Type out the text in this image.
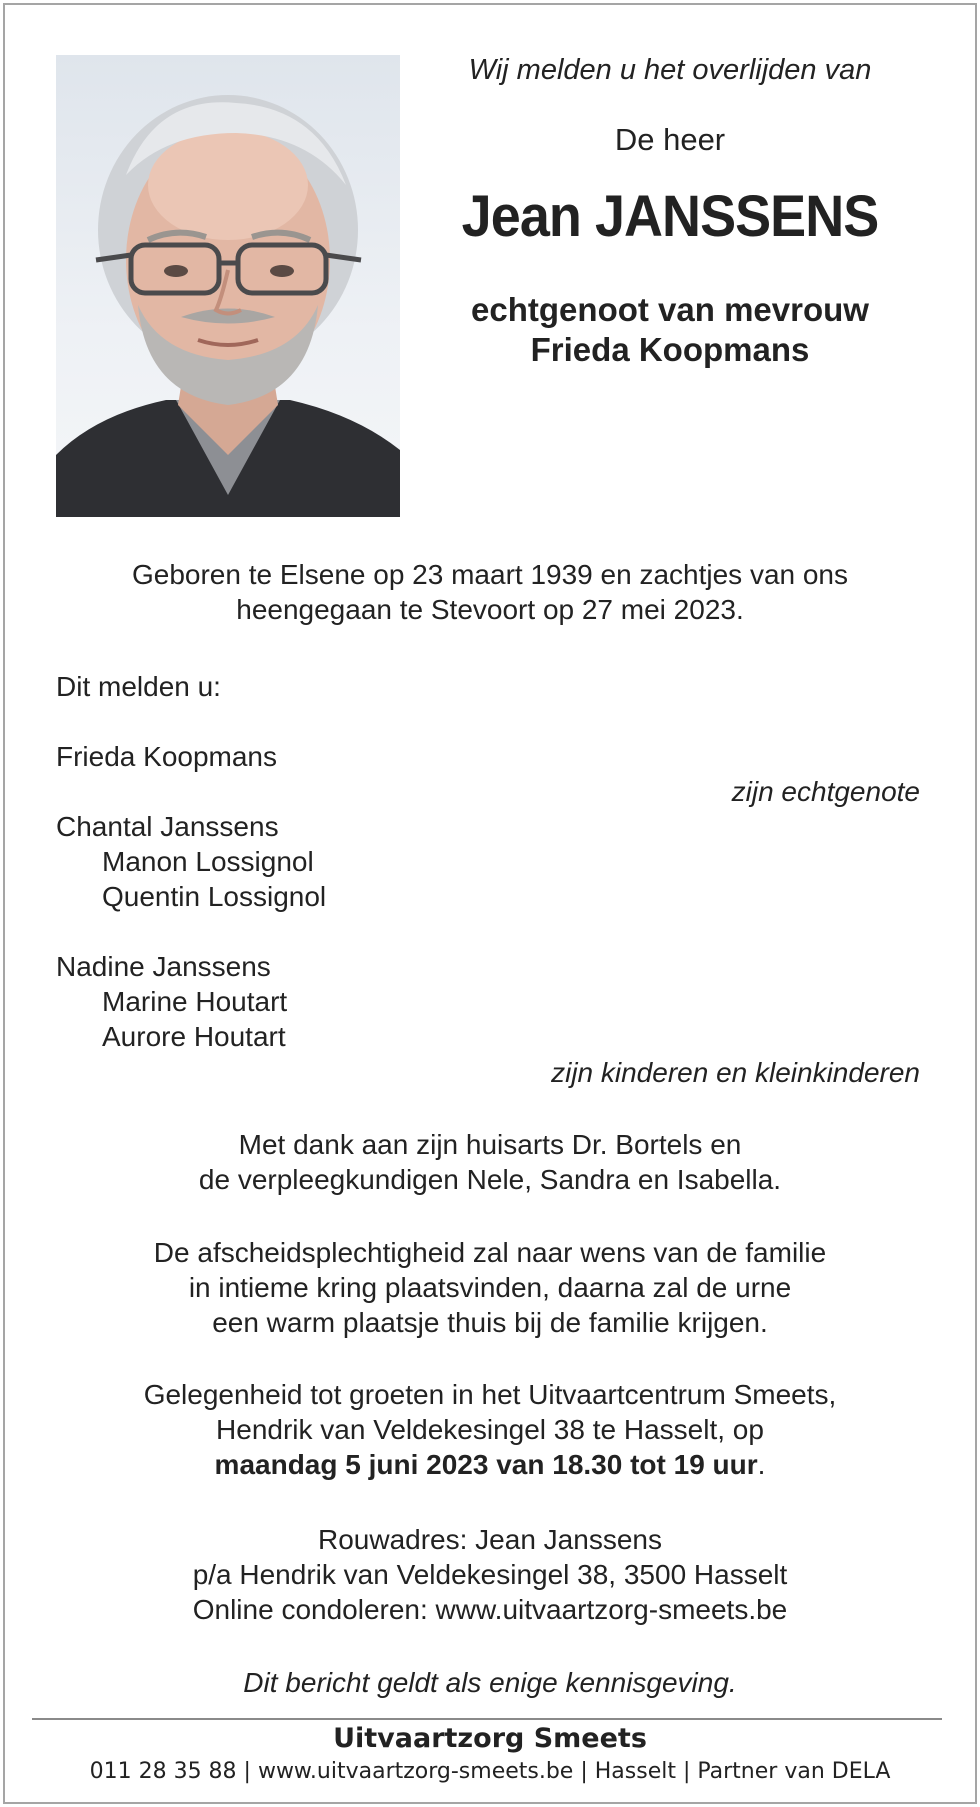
Wij melden u het overlijden van
De heer
Jean JANSSENS
echtgenoot van mevrouw
Frieda Koopmans
Geboren te Elsene op 23 maart 1939 en zachtjes van ons
heengegaan te Stevoort op 27 mei 2023.
Dit melden u:
Frieda Koopmans
zijn echtgenote
Chantal Janssens
Manon Lossignol
Quentin Lossignol
Nadine Janssens
Marine Houtart
Aurore Houtart
zijn kinderen en kleinkinderen
Met dank aan zijn huisarts Dr. Bortels en
de verpleegkundigen Nele, Sandra en Isabella.
De afscheidsplechtigheid zal naar wens van de familie
in intieme kring plaatsvinden, daarna zal de urne
een warm plaatsje thuis bij de familie krijgen.
Gelegenheid tot groeten in het Uitvaartcentrum Smeets,
Hendrik van Veldekesingel 38 te Hasselt, op
maandag 5 juni 2023 van 18.30 tot 19 uur.
Rouwadres: Jean Janssens
p/a Hendrik van Veldekesingel 38, 3500 Hasselt
Online condoleren: www.uitvaartzorg-smeets.be
Dit bericht geldt als enige kennisgeving.
Uitvaartzorg Smeets
011 28 35 88 | www.uitvaartzorg-smeets.be | Hasselt | Partner van DELA
